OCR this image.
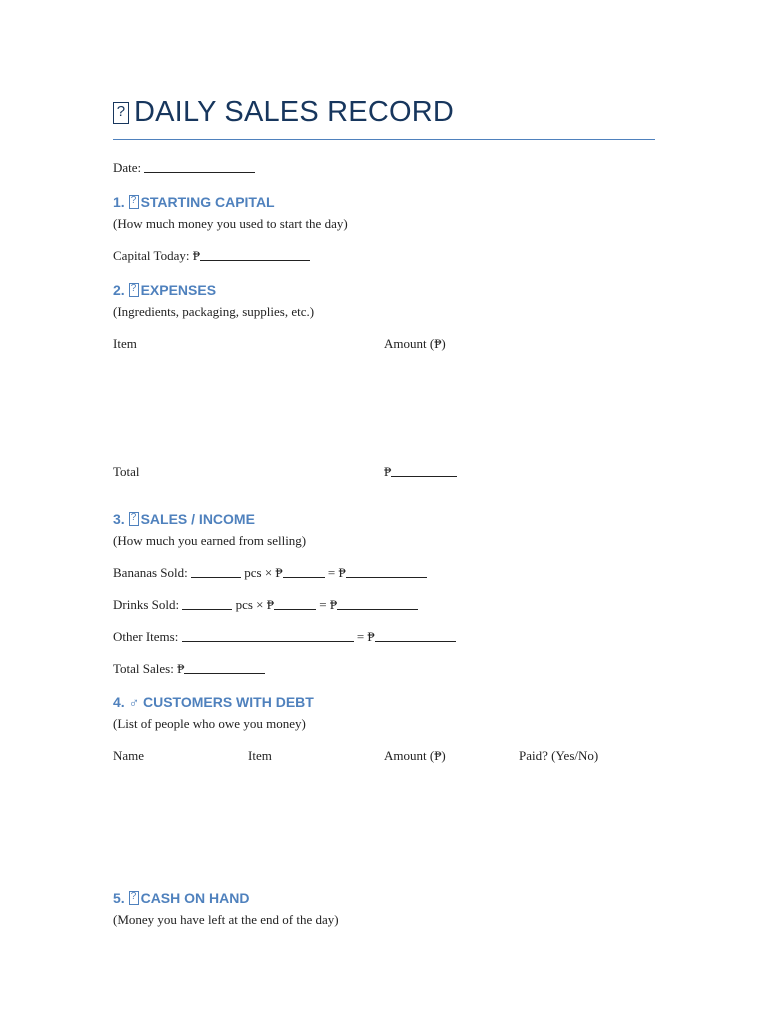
?DAILY SALES RECORD
Date:
1. ? STARTING CAPITAL
(How much money you used to start the day)
Capital Today: ₱
2. ? EXPENSES
(Ingredients, packaging, supplies, etc.)
Item	Amount (₱)
Total	₱
3. ? SALES / INCOME
(How much you earned from selling)
Bananas Sold:	pcs × ₱	= ₱
Drinks Sold:	pcs × ₱	= ₱
Other Items:	= ₱
Total Sales: ₱
4. ♂ CUSTOMERS WITH DEBT
(List of people who owe you money)
Name	Item	Amount (₱)	Paid? (Yes/No)
5. ? CASH ON HAND
(Money you have left at the end of the day)
